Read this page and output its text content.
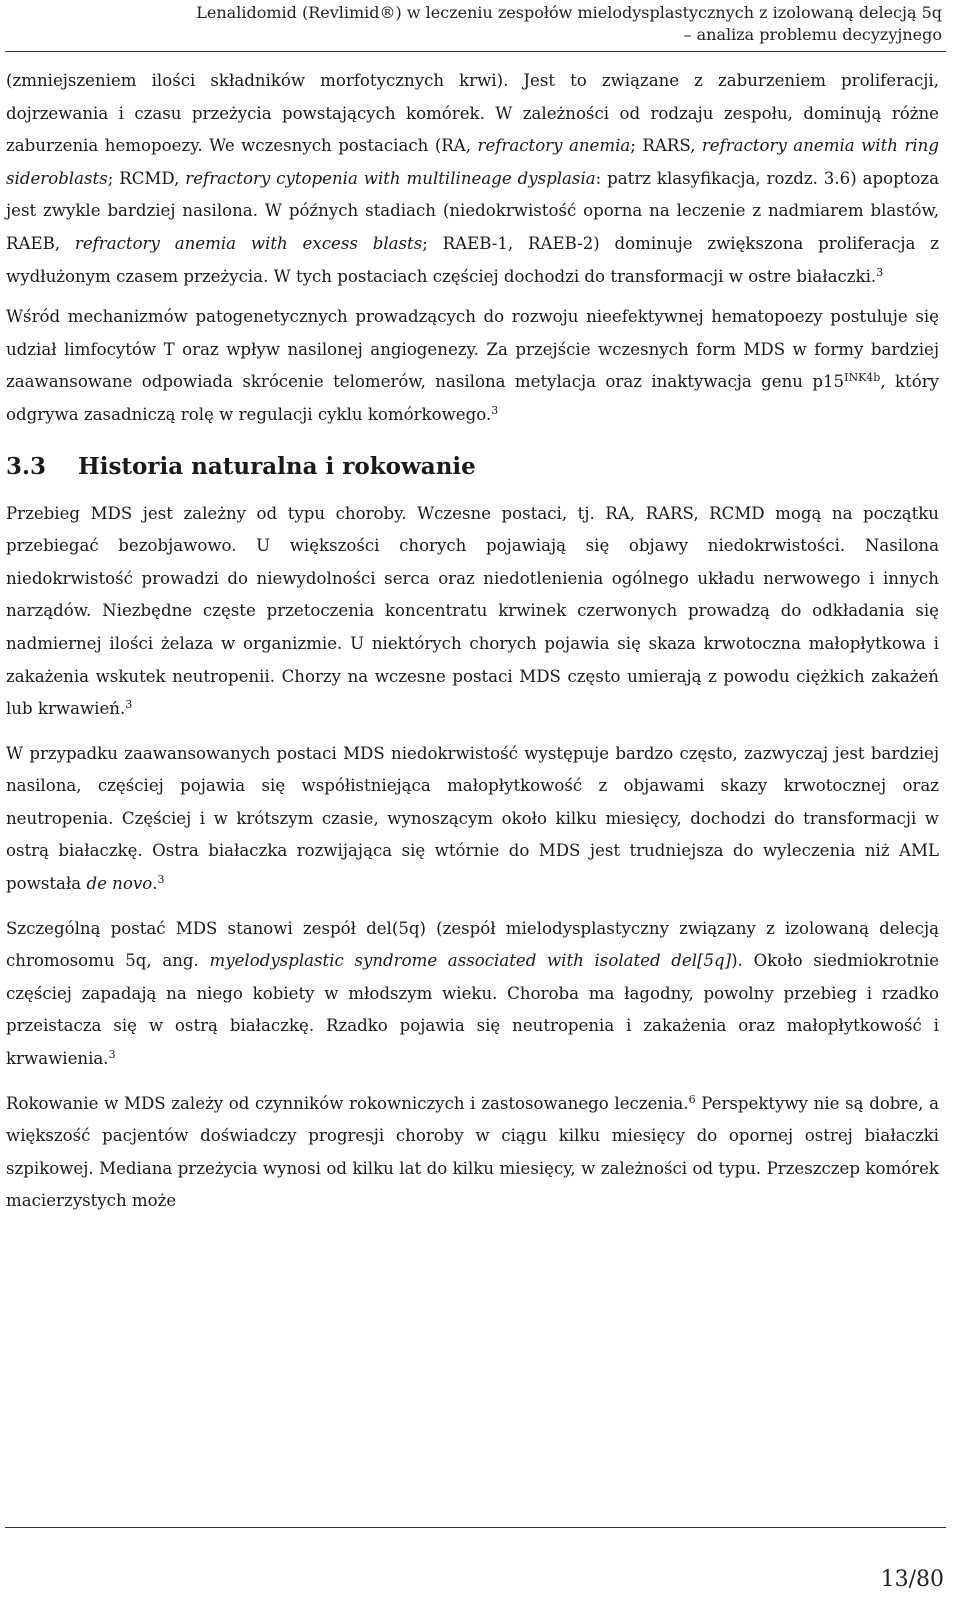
Lenalidomid (Revlimid®) w leczeniu zespołów mielodysplastycznych z izolowaną delecją 5q
– analiza problemu decyzyjnego

(zmniejszeniem ilości składników morfotycznych krwi). Jest to związane z zaburzeniem proliferacji, dojrzewania i czasu przeżycia powstających komórek. W zależności od rodzaju zespołu, dominują różne zaburzenia hemopoezy. We wczesnych postaciach (RA, refractory anemia; RARS, refractory anemia with ring sideroblasts; RCMD, refractory cytopenia with multilineage dysplasia: patrz klasyfikacja, rozdz. 3.6) apoptoza jest zwykle bardziej nasilona. W późnych stadiach (niedokrwistość oporna na leczenie z nadmiarem blastów, RAEB, refractory anemia with excess blasts; RAEB-1, RAEB-2) dominuje zwiększona proliferacja z wydłużonym czasem przeżycia. W tych postaciach częściej dochodzi do transformacji w ostre białaczki.$^3$

Wśród mechanizmów patogenetycznych prowadzących do rozwoju nieefektywnej hematopoezy postuluje się udział limfocytów T oraz wpływ nasilonej angiogenezy. Za przejście wczesnych form MDS w formy bardziej zaawansowane odpowiada skrócenie telomerów, nasilona metylacja oraz inaktywacja genu $p15^{INK4b}$, który odgrywa zasadniczą rolę w regulacji cyklu komórkowego.$^3$

3.3 Historia naturalna i rokowanie

Przebieg MDS jest zależny od typu choroby. Wczesne postaci, tj. RA, RARS, RCMD mogą na początku przebiegać bezobjawowo. U większości chorych pojawiają się objawy niedokrwistości. Nasilona niedokrwistość prowadzi do niewydolności serca oraz niedotlenienia ogólnego układu nerwowego i innych narządów. Niezbędne częste przetoczenia koncentratu krwinek czerwonych prowadzą do odkładania się nadmiernej ilości żelaza w organizmie. U niektórych chorych pojawia się skaza krwotoczna małopłytkowa i zakażenia wskutek neutropenii. Chorzy na wczesne postaci MDS często umierają z powodu ciężkich zakażeń lub krwawień.$^3$

W przypadku zaawansowanych postaci MDS niedokrwistość występuje bardzo często, zazwyczaj jest bardziej nasilona, częściej pojawia się współistniejąca małopłytkowość z objawami skazy krwotocznej oraz neutropenia. Częściej i w krótszym czasie, wynoszącym około kilku miesięcy, dochodzi do transformacji w ostrą białaczkę. Ostra białaczka rozwijająca się wtórnie do MDS jest trudniejsza do wyleczenia niż AML powstała de novo.$^3$

Szczególną postać MDS stanowi zespół del(5q) (zespół mielodysplastyczny związany z izolowaną delecją chromosomu 5q, ang. myelodysplastic syndrome associated with isolated del[5q]). Około siedmiokrotnie częściej zapadają na niego kobiety w młodszym wieku. Choroba ma łagodny, powolny przebieg i rzadko przeistacza się w ostrą białaczkę. Rzadko pojawia się neutropenia i zakażenia oraz małopłytkowość i krwawienia.$^3$

Rokowanie w MDS zależy od czynników rokowniczych i zastosowanego leczenia.$^6$ Perspektywy nie są dobre, a większość pacjentów doświadczy progresji choroby w ciągu kilku miesięcy do opornej ostrej białaczki szpikowej. Mediana przeżycia wynosi od kilku lat do kilku miesięcy, w zależności od typu. Przeszczep komórek macierzystych może

13/80
